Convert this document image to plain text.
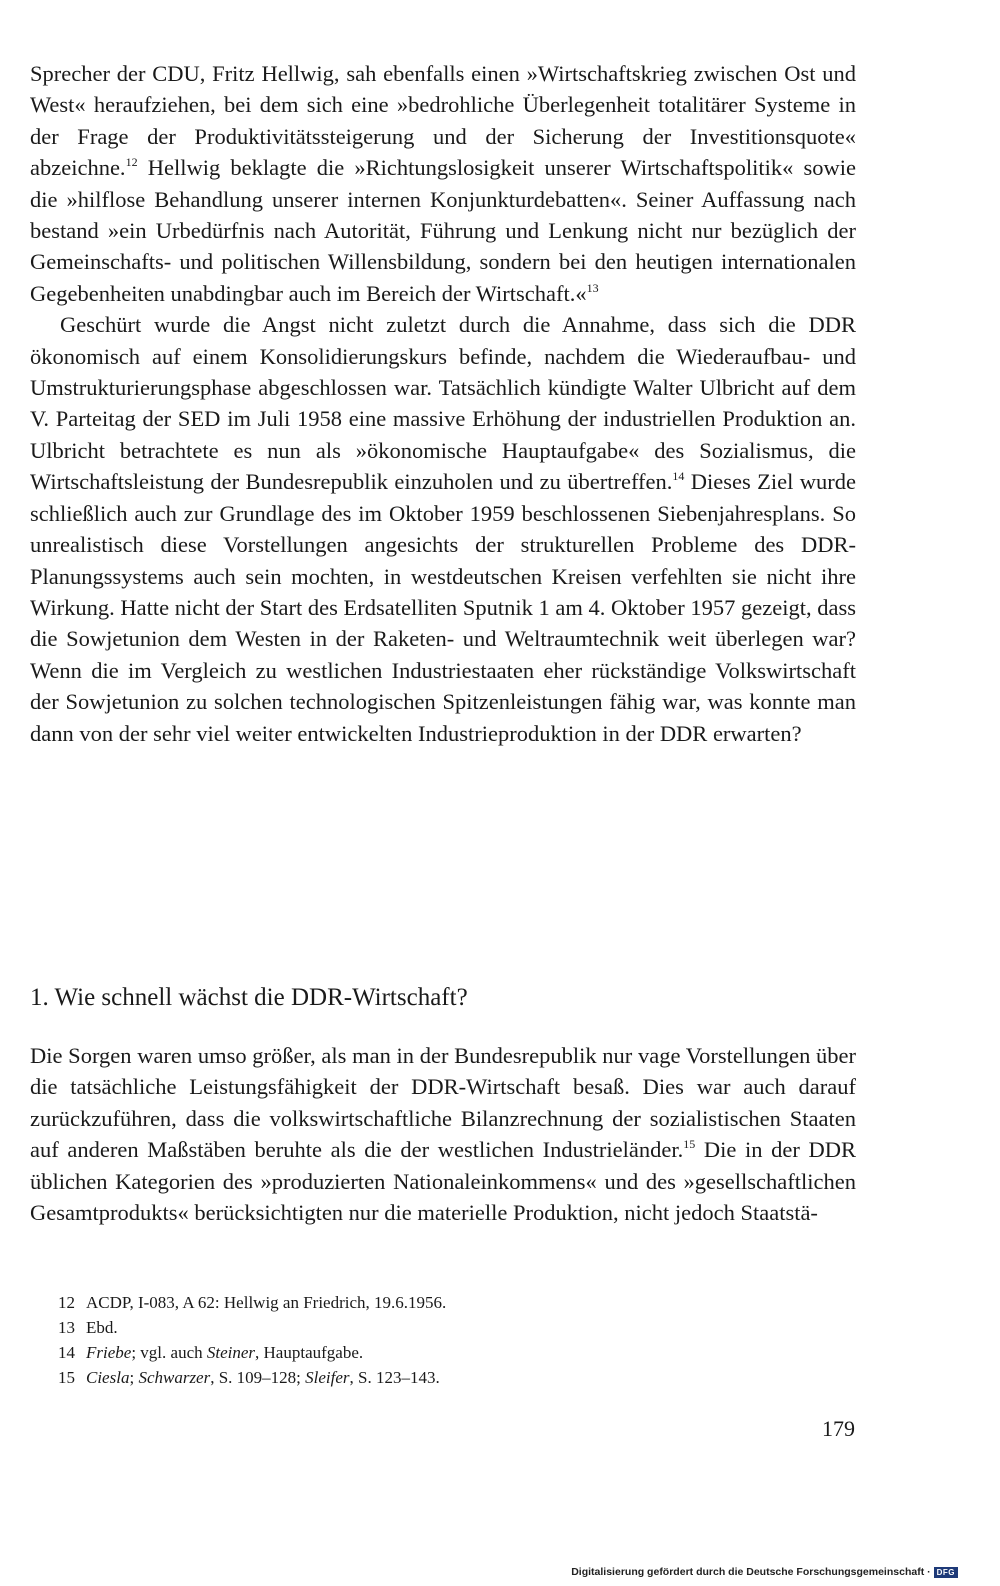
Sprecher der CDU, Fritz Hellwig, sah ebenfalls einen »Wirtschaftskrieg zwischen Ost und West« heraufziehen, bei dem sich eine »bedrohliche Überlegenheit totalitärer Systeme in der Frage der Produktivitätssteigerung und der Sicherung der Investitionsquote« abzeichne.$^{12}$ Hellwig beklagte die »Richtungslosigkeit unserer Wirtschaftspolitik« sowie die »hilflose Behandlung unserer internen Konjunkturdebatten«. Seiner Auffassung nach bestand »ein Urbedürfnis nach Autorität, Führung und Lenkung nicht nur bezüglich der Gemeinschafts- und politischen Willensbildung, sondern bei den heutigen internationalen Gegebenheiten unabdingbar auch im Bereich der Wirtschaft.«$^{13}$

Geschürt wurde die Angst nicht zuletzt durch die Annahme, dass sich die DDR ökonomisch auf einem Konsolidierungskurs befinde, nachdem die Wiederaufbau- und Umstrukturierungsphase abgeschlossen war. Tatsächlich kündigte Walter Ulbricht auf dem V. Parteitag der SED im Juli 1958 eine massive Erhöhung der industriellen Produktion an. Ulbricht betrachtete es nun als »ökonomische Hauptaufgabe« des Sozialismus, die Wirtschaftsleistung der Bundesrepublik einzuholen und zu übertreffen.$^{14}$ Dieses Ziel wurde schließlich auch zur Grundlage des im Oktober 1959 beschlossenen Siebenjahresplans. So unrealistisch diese Vorstellungen angesichts der strukturellen Probleme des DDR-Planungssystems auch sein mochten, in westdeutschen Kreisen verfehlten sie nicht ihre Wirkung. Hatte nicht der Start des Erdsatelliten Sputnik 1 am 4. Oktober 1957 gezeigt, dass die Sowjetunion dem Westen in der Raketen- und Weltraumtechnik weit überlegen war? Wenn die im Vergleich zu westlichen Industriestaaten eher rückständige Volkswirtschaft der Sowjetunion zu solchen technologischen Spitzenleistungen fähig war, was konnte man dann von der sehr viel weiter entwickelten Industrieproduktion in der DDR erwarten?

1. Wie schnell wächst die DDR-Wirtschaft?

Die Sorgen waren umso größer, als man in der Bundesrepublik nur vage Vorstellungen über die tatsächliche Leistungsfähigkeit der DDR-Wirtschaft besaß. Dies war auch darauf zurückzuführen, dass die volkswirtschaftliche Bilanzrechnung der sozialistischen Staaten auf anderen Maßstäben beruhte als die der westlichen Industrieländer.$^{15}$ Die in der DDR üblichen Kategorien des »produzierten Nationaleinkommens« und des »gesellschaftlichen Gesamtprodukts« berücksichtigten nur die materielle Produktion, nicht jedoch Staatstä-

12 ACDP, I-083, A 62: Hellwig an Friedrich, 19.6.1956.

13 Ebd.

14 Friebe; vgl. auch Steiner, Hauptaufgabe.

15 Ciesla; Schwarzer, S. 109–128; Sleifer, S. 123–143.

179
Digitalisierung gefördert durch die Deutsche Forschungsgemeinschaft · DFG
